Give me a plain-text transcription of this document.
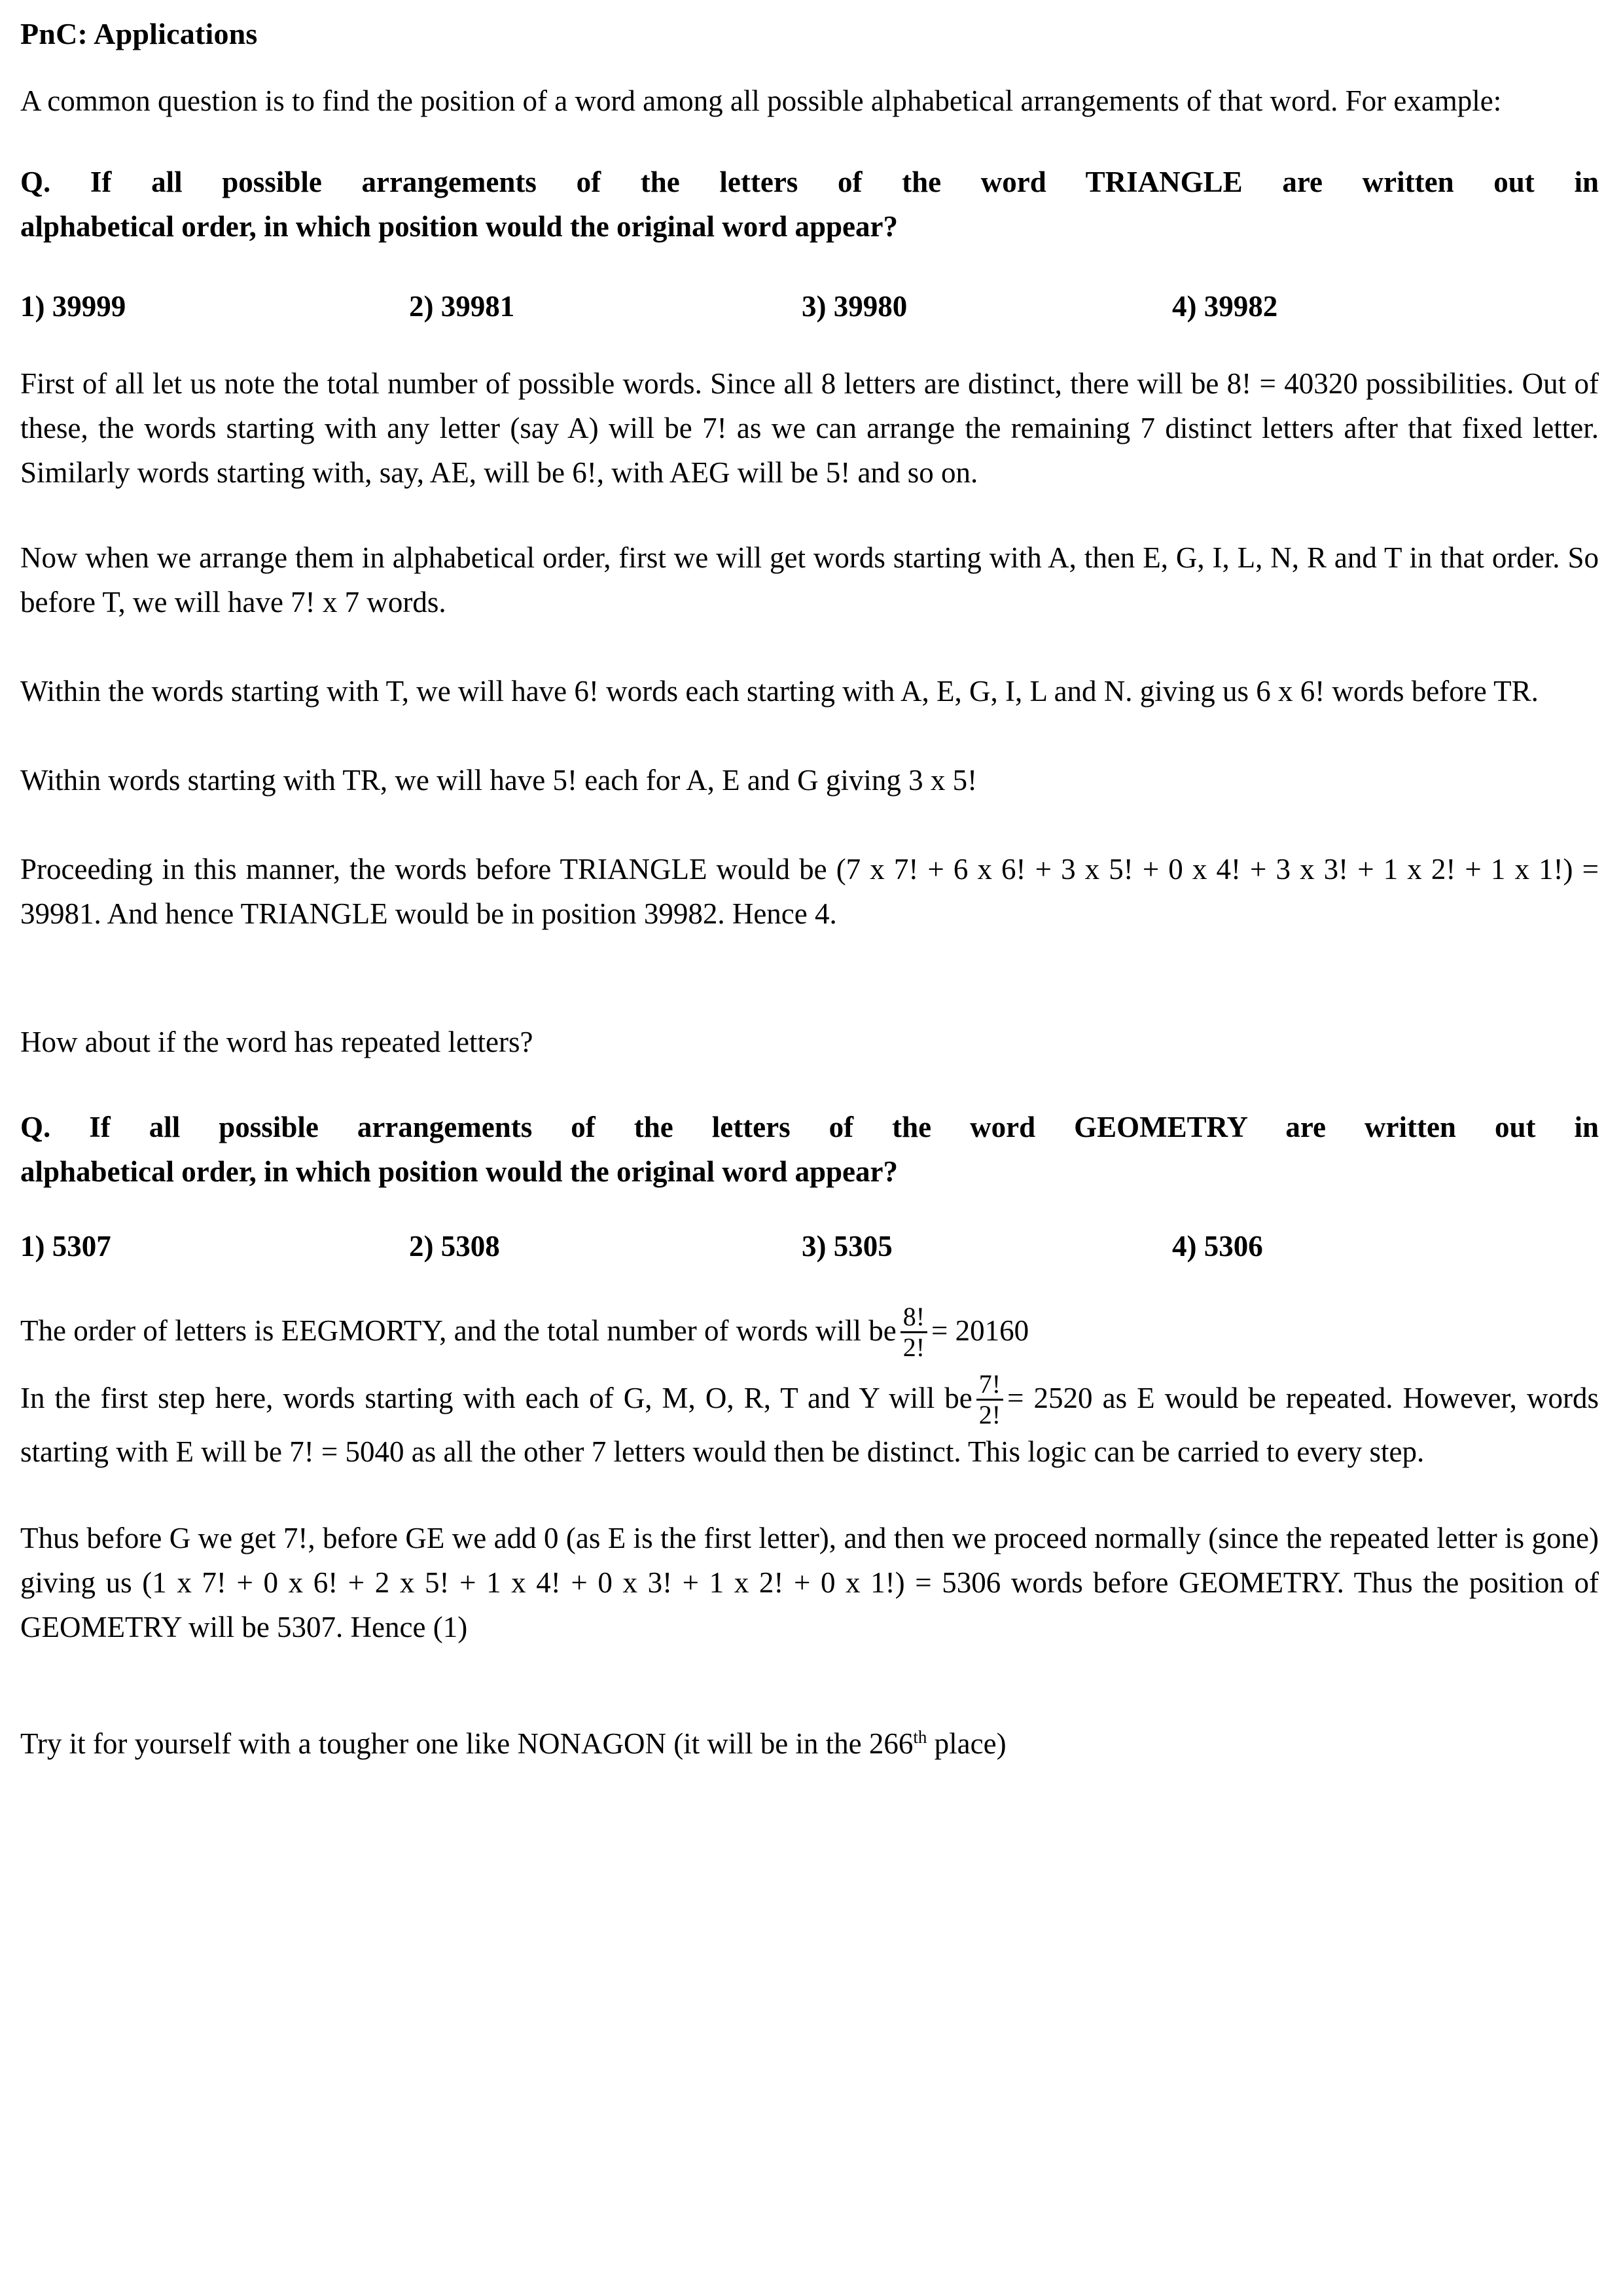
PnC: Applications

A common question is to find the position of a word among all possible alphabetical arrangements of that word. For example:

Q. If all possible arrangements of the letters of the word TRIANGLE are written out in
alphabetical order, in which position would the original word appear?
1) 39999	2) 39981	3) 39980	4) 39982

First of all let us note the total number of possible words. Since all 8 letters are distinct, there will be 8! = 40320 possibilities. Out of these, the words starting with any letter (say A) will be 7! as we can arrange the remaining 7 distinct letters after that fixed letter. Similarly words starting with, say, AE, will be 6!, with AEG will be 5! and so on.

Now when we arrange them in alphabetical order, first we will get words starting with A, then E, G, I, L, N, R and T in that order. So before T, we will have 7! x 7 words.

Within the words starting with T, we will have 6! words each starting with A, E, G, I, L and N. giving us 6 x 6! words before TR.

Within words starting with TR, we will have 5! each for A, E and G giving 3 x 5!

Proceeding in this manner, the words before TRIANGLE would be (7 x 7! + 6 x 6! + 3 x 5! + 0 x 4! + 3 x 3! + 1 x 2! + 1 x 1!) = 39981. And hence TRIANGLE would be in position 39982. Hence 4.

How about if the word has repeated letters?

Q. If all possible arrangements of the letters of the word GEOMETRY are written out in
alphabetical order, in which position would the original word appear?
1) 5307	2) 5308	3) 5305	4) 5306

The order of letters is EEGMORTY, and the total number of words will be $\frac{8!}{2!} = 20160$

In the first step here, words starting with each of G, M, O, R, T and Y will be $\frac{7!}{2!} = 2520$ as E would be repeated. However, words starting with E will be 7! = 5040 as all the other 7 letters would then be distinct. This logic can be carried to every step.

Thus before G we get 7!, before GE we add 0 (as E is the first letter), and then we proceed normally (since the repeated letter is gone) giving us (1 x 7! + 0 x 6! + 2 x 5! + 1 x 4! + 0 x 3! + 1 x 2! + 0 x 1!) = 5306 words before GEOMETRY. Thus the position of GEOMETRY will be 5307. Hence (1)

Try it for yourself with a tougher one like NONAGON (it will be in the 266th place)
